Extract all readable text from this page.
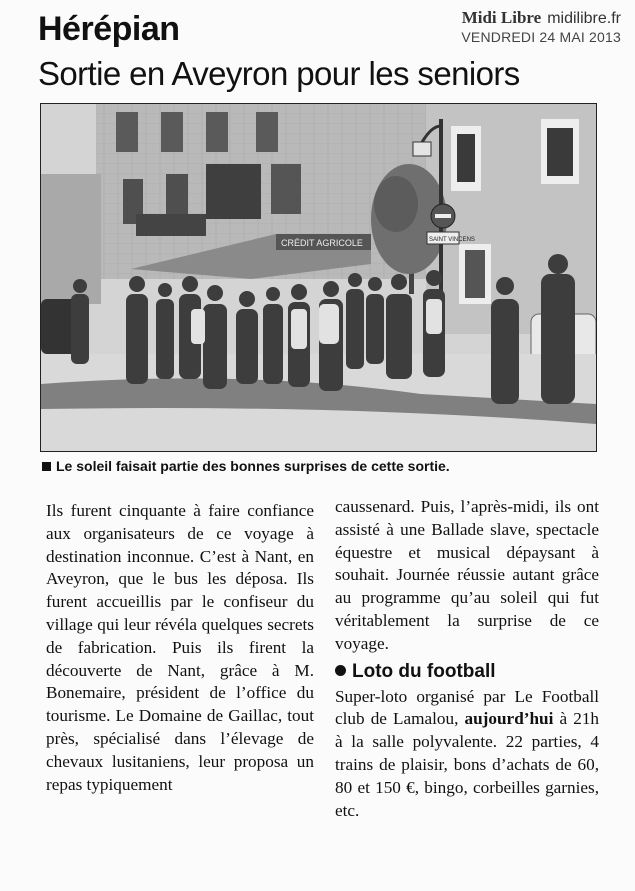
Hérépian	Midi Libre midilibre.fr
VENDREDI 24 MAI 2013
Sortie en Aveyron pour les seniors
CRÉDIT AGRICOLE	SAINT VINCENS
Le soleil faisait partie des bonnes surprises de cette sortie.

Ils furent cinquante à faire confiance aux organisateurs de ce voyage à destination inconnue. C’est à Nant, en Aveyron, que le bus les déposa. Ils furent accueillis par le confiseur du village qui leur révéla quelques secrets de fabrication. Puis ils firent la découverte de Nant, grâce à M. Bonemaire, président de l’office du tourisme. Le Domaine de Gaillac, tout près, spécialisé dans l’élevage de chevaux lusitaniens, leur proposa un repas typiquement

caussenard. Puis, l’après-midi, ils ont assisté à une Ballade slave, spectacle équestre et musical dépaysant à souhait. Journée réussie autant grâce au programme qu’au soleil qui fut véritablement la surprise de ce voyage.

Loto du football

Super-loto organisé par Le Football club de Lamalou, aujourd’hui à 21h à la salle polyvalente. 22 parties, 4 trains de plaisir, bons d’achats de 60, 80 et 150 €, bingo, corbeilles garnies, etc.
